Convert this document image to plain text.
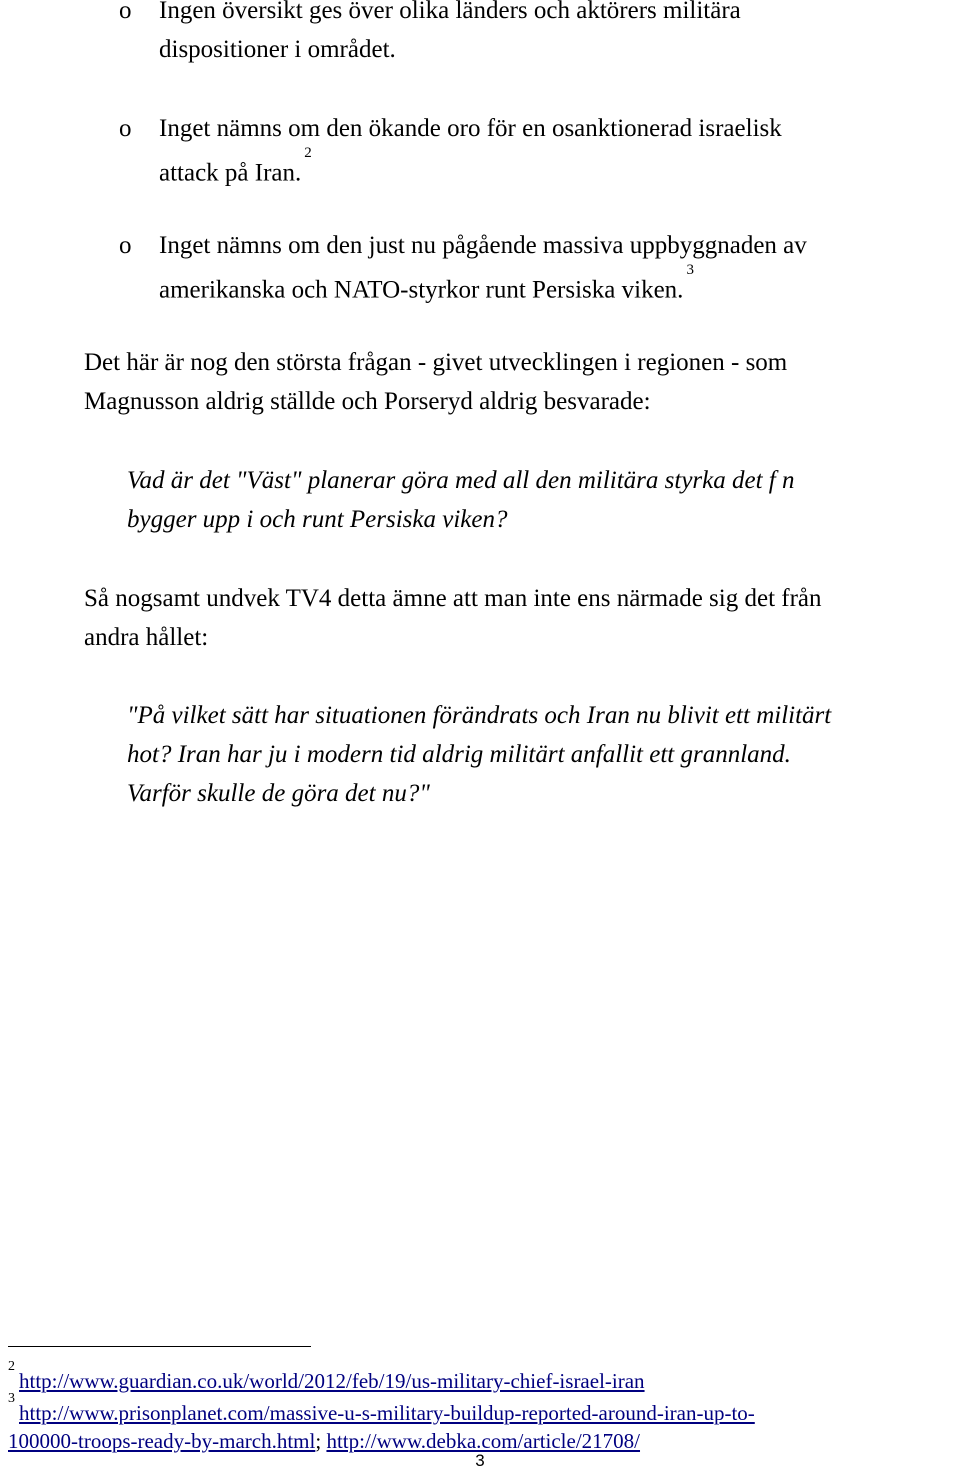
o	Ingen översikt ges över olika länders och aktörers militära
dispositioner i området.
o	Inget nämns om den ökande oro för en osanktionerad israelisk
attack på Iran.$^2$
o	Inget nämns om den just nu pågående massiva uppbyggnaden av
amerikanska och NATO-styrkor runt Persiska viken.$^3$
Det här är nog den största frågan - givet utvecklingen i regionen - som
Magnusson aldrig ställde och Porseryd aldrig besvarade:
Vad är det "Väst" planerar göra med all den militära styrka det f n
bygger upp i och runt Persiska viken?
Så nogsamt undvek TV4 detta ämne att man inte ens närmade sig det från
andra hållet:
"På vilket sätt har situationen förändrats och Iran nu blivit ett militärt
hot? Iran har ju i modern tid aldrig militärt anfallit ett grannland.
Varför skulle de göra det nu?"
$^2$http://www.guardian.co.uk/world/2012/feb/19/us-military-chief-israel-iran
$^3$http://www.prisonplanet.com/massive-u-s-military-buildup-reported-around-iran-up-to-
100000-troops-ready-by-march.html; http://www.debka.com/article/21708/
3
